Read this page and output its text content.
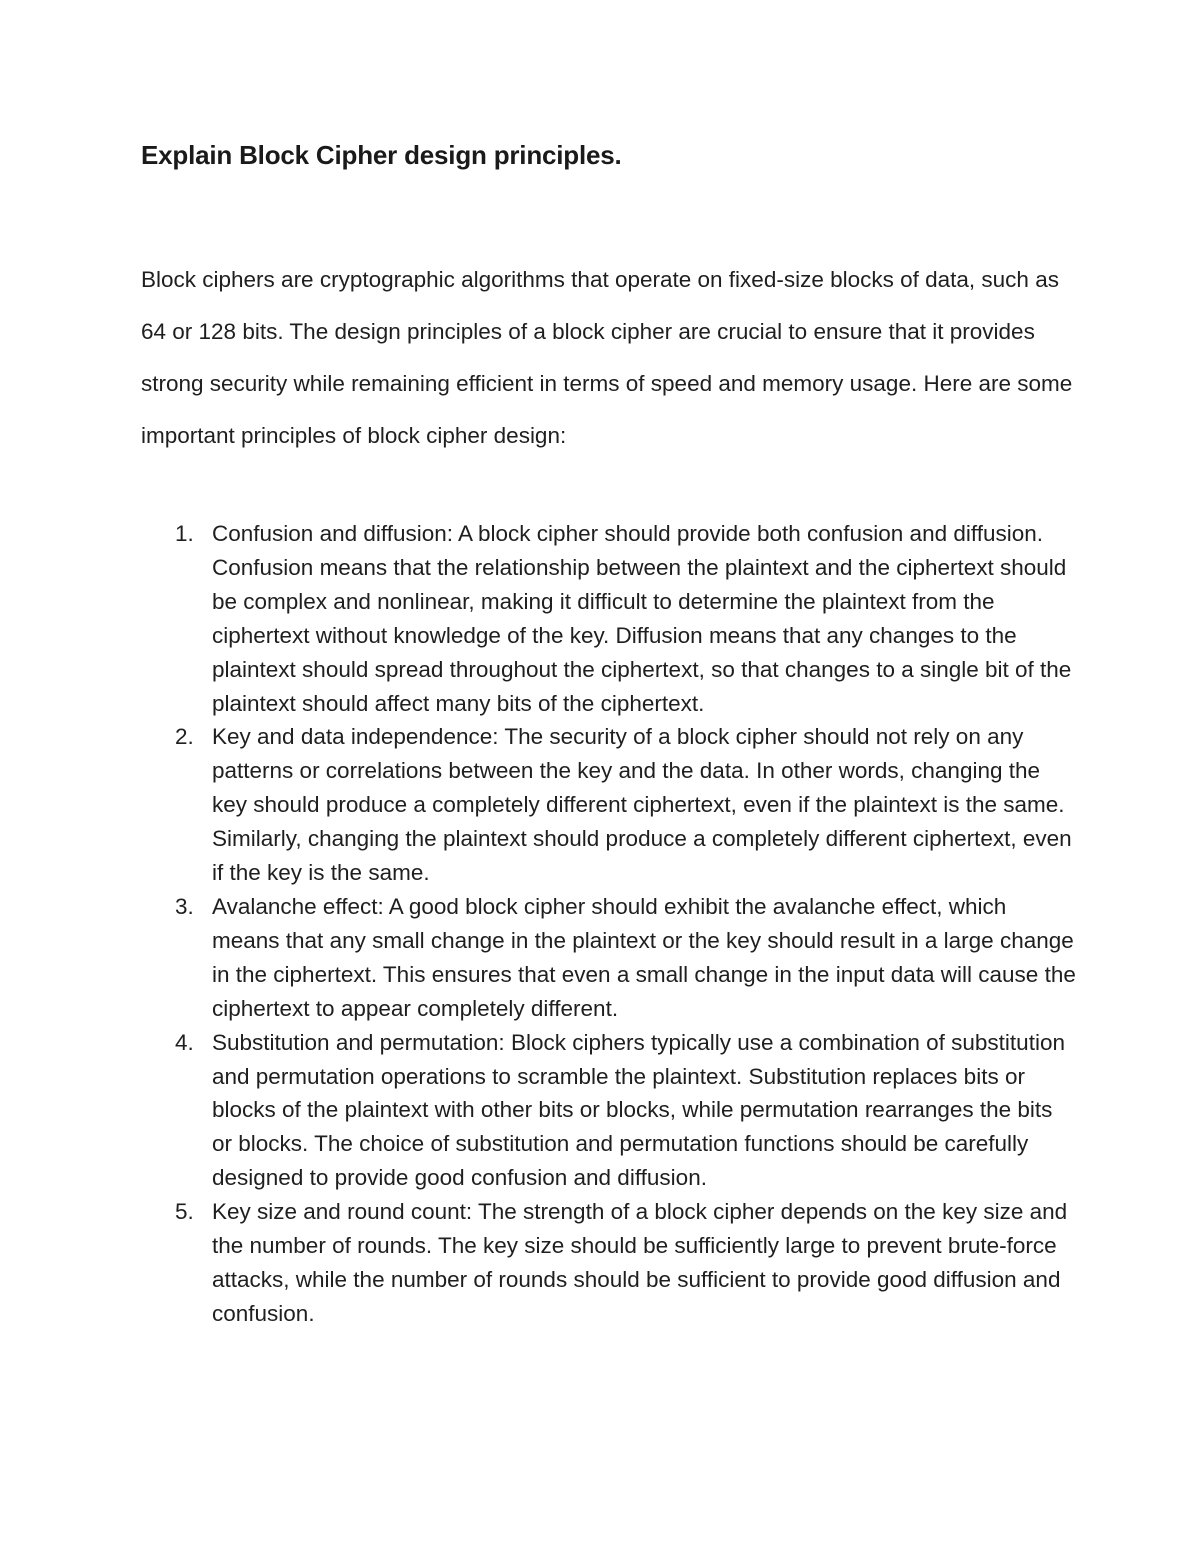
Explain Block Cipher design principles.

Block ciphers are cryptographic algorithms that operate on fixed-size blocks of data, such as 64 or 128 bits. The design principles of a block cipher are crucial to ensure that it provides strong security while remaining efficient in terms of speed and memory usage. Here are some important principles of block cipher design:

1. Confusion and diffusion: A block cipher should provide both confusion and diffusion. Confusion means that the relationship between the plaintext and the ciphertext should be complex and nonlinear, making it difficult to determine the plaintext from the ciphertext without knowledge of the key. Diffusion means that any changes to the plaintext should spread throughout the ciphertext, so that changes to a single bit of the plaintext should affect many bits of the ciphertext.
2. Key and data independence: The security of a block cipher should not rely on any patterns or correlations between the key and the data. In other words, changing the key should produce a completely different ciphertext, even if the plaintext is the same. Similarly, changing the plaintext should produce a completely different ciphertext, even if the key is the same.
3. Avalanche effect: A good block cipher should exhibit the avalanche effect, which means that any small change in the plaintext or the key should result in a large change in the ciphertext. This ensures that even a small change in the input data will cause the ciphertext to appear completely different.
4. Substitution and permutation: Block ciphers typically use a combination of substitution and permutation operations to scramble the plaintext. Substitution replaces bits or blocks of the plaintext with other bits or blocks, while permutation rearranges the bits or blocks. The choice of substitution and permutation functions should be carefully designed to provide good confusion and diffusion.
5. Key size and round count: The strength of a block cipher depends on the key size and the number of rounds. The key size should be sufficiently large to prevent brute-force attacks, while the number of rounds should be sufficient to provide good diffusion and confusion.
